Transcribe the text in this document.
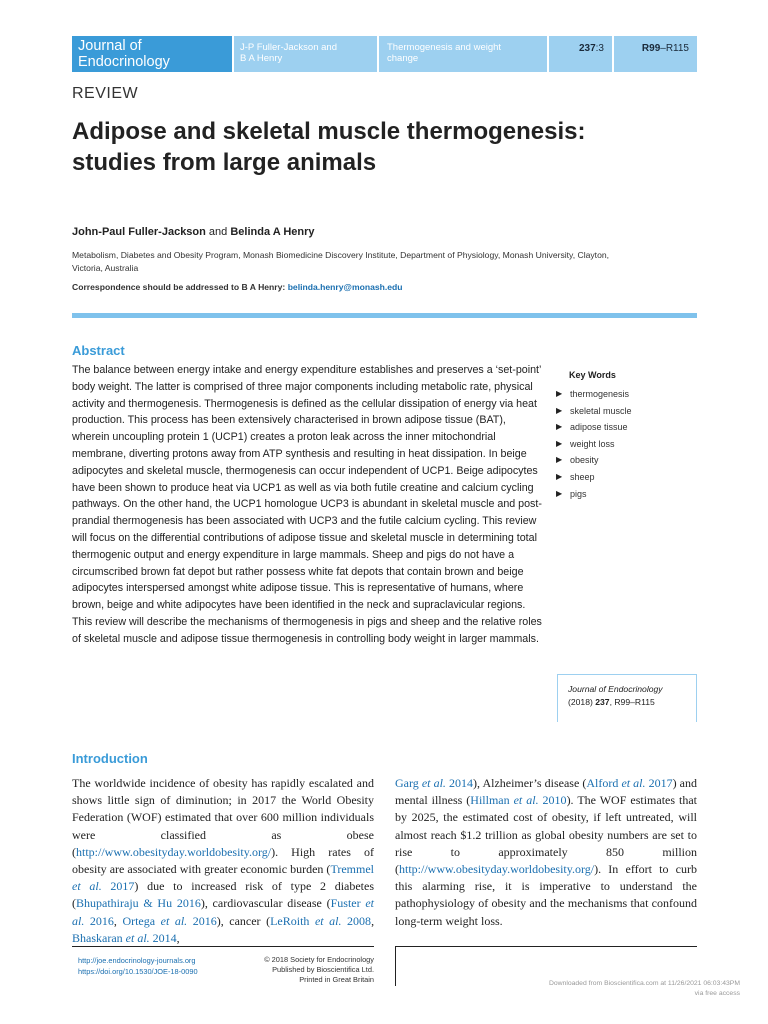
Journal of
Endocrinology
J-P Fuller-Jackson and
B A Henry
Thermogenesis and weight
change
237:3	R99–R115
REVIEW
Adipose and skeletal muscle thermogenesis:
studies from large animals
John-Paul Fuller-Jackson and Belinda A Henry
Metabolism, Diabetes and Obesity Program, Monash Biomedicine Discovery Institute, Department of Physiology, Monash University, Clayton,
Victoria, Australia
Correspondence should be addressed to B A Henry: belinda.henry@monash.edu
Abstract

The balance between energy intake and energy expenditure establishes and preserves a ‘set-point’ body weight. The latter is comprised of three major components including metabolic rate, physical activity and thermogenesis. Thermogenesis is defined as the cellular dissipation of energy via heat production. This process has been extensively characterised in brown adipose tissue (BAT), wherein uncoupling protein 1 (UCP1) creates a proton leak across the inner mitochondrial membrane, diverting protons away from ATP synthesis and resulting in heat dissipation. In beige adipocytes and skeletal muscle, thermogenesis can occur independent of UCP1. Beige adipocytes have been shown to produce heat via UCP1 as well as via both futile creatine and calcium cycling pathways. On the other hand, the UCP1 homologue UCP3 is abundant in skeletal muscle and post-prandial thermogenesis has been associated with UCP3 and the futile calcium cycling. This review will focus on the differential contributions of adipose tissue and skeletal muscle in determining total thermogenic output and energy expenditure in large mammals. Sheep and pigs do not have a circumscribed brown fat depot but rather possess white fat depots that contain brown and beige adipocytes interspersed amongst white adipose tissue. This is representative of humans, where brown, beige and white adipocytes have been identified in the neck and supraclavicular regions. This review will describe the mechanisms of thermogenesis in pigs and sheep and the relative roles of skeletal muscle and adipose tissue thermogenesis in controlling body weight in larger mammals.

Key Words
▶ thermogenesis
▶ skeletal muscle
▶ adipose tissue
▶ weight loss
▶ obesity
▶ sheep
▶ pigs
Journal of Endocrinology
(2018) 237, R99–R115
Introduction

The worldwide incidence of obesity has rapidly escalated and shows little sign of diminution; in 2017 the World Obesity Federation (WOF) estimated that over 600 million individuals were classified as obese (http://www.obesityday.worldobesity.org/). High rates of obesity are associated with greater economic burden (Tremmel et al. 2017) due to increased risk of type 2 diabetes (Bhupathiraju & Hu 2016), cardiovascular disease (Fuster et al. 2016, Ortega et al. 2016), cancer (LeRoith et al. 2008, Bhaskaran et al. 2014,

Garg et al. 2014), Alzheimer’s disease (Alford et al. 2017) and mental illness (Hillman et al. 2010). The WOF estimates that by 2025, the estimated cost of obesity, if left untreated, will almost reach $1.2 trillion as global obesity numbers are set to rise to approximately 850 million (http://www.obesityday.worldobesity.org/). In effort to curb this alarming rise, it is imperative to understand the pathophysiology of obesity and the mechanisms that confound long-term weight loss.

http://joe.endocrinology-journals.org
https://doi.org/10.1530/JOE-18-0090
© 2018 Society for Endocrinology
Published by Bioscientifica Ltd.
Printed in Great Britain	Downloaded from Bioscientifica.com at 11/26/2021 06:03:43PM
via free access
